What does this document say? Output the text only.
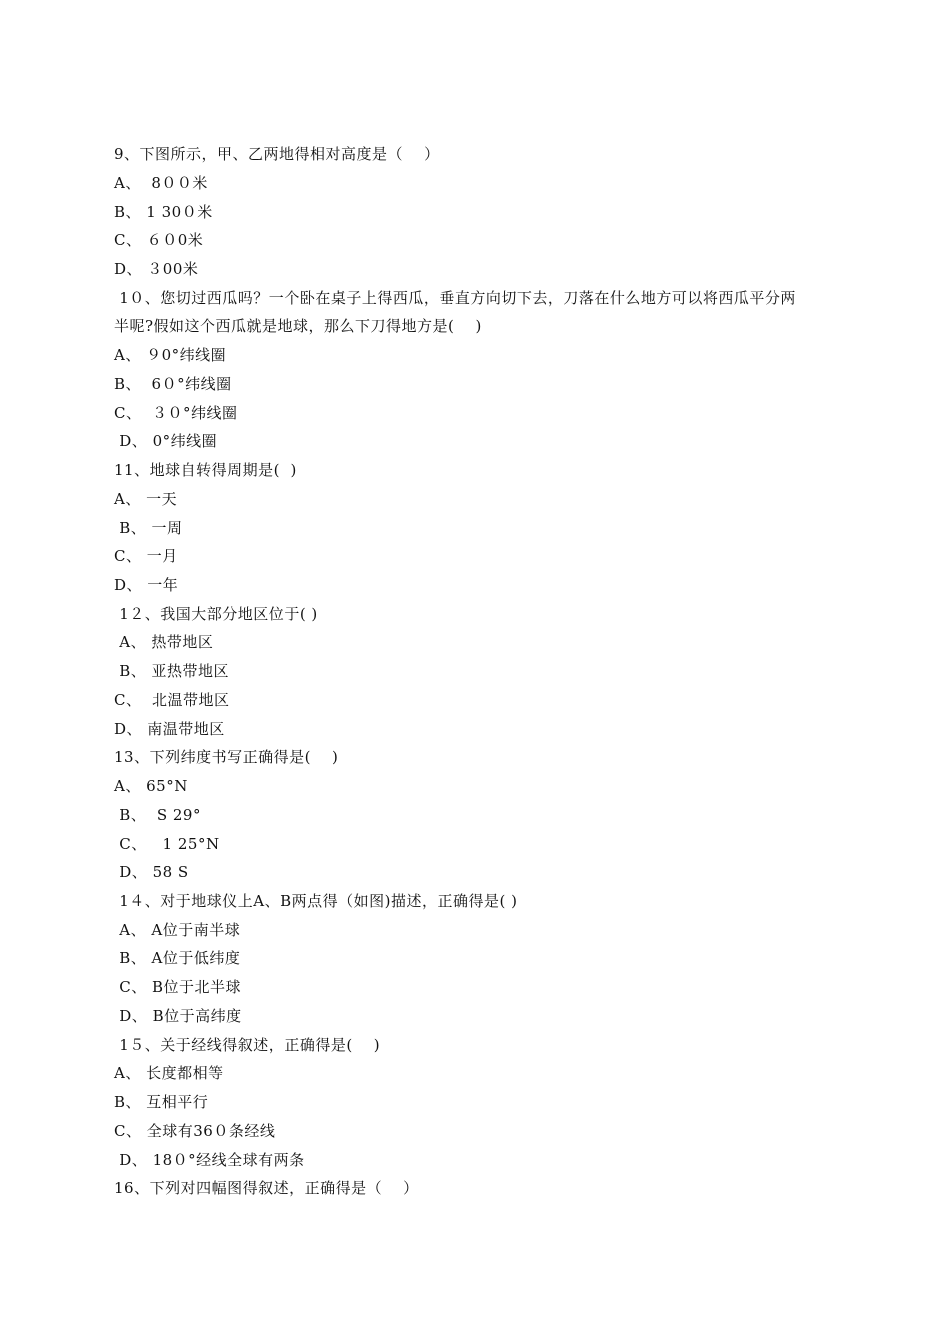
9、下图所示，甲、乙两地得相对高度是（    ）
A、  8００米
B、 1 30０米
C、 ６０0米
D、 ３00米
1０、您切过西瓜吗？一个卧在桌子上得西瓜，垂直方向切下去，刀落在什么地方可以将西瓜平分两
半呢?假如这个西瓜就是地球，那么下刀得地方是(    )
A、 ９0°纬线圈
B、  6０°纬线圈
C、  ３０°纬线圈
D、 0°纬线圈
11、地球自转得周期是(  )
A、 一天
B、 一周
C、 一月
D、 一年
1２、我国大部分地区位于( )
A、 热带地区
B、 亚热带地区
C、  北温带地区
D、 南温带地区
13、下列纬度书写正确得是(    )
A、 65°N
B、  S 29°
C、   1 25°N
D、 58 S
1４、对于地球仪上A、B两点得（如图)描述，正确得是( )
A、 A位于南半球
B、 A位于低纬度
C、 B位于北半球
D、 B位于高纬度
1５、关于经线得叙述，正确得是(    )
A、 长度都相等
B、 互相平行
C、 全球有36０条经线
D、 18０°经线全球有两条
16、下列对四幅图得叙述，正确得是（    ）
